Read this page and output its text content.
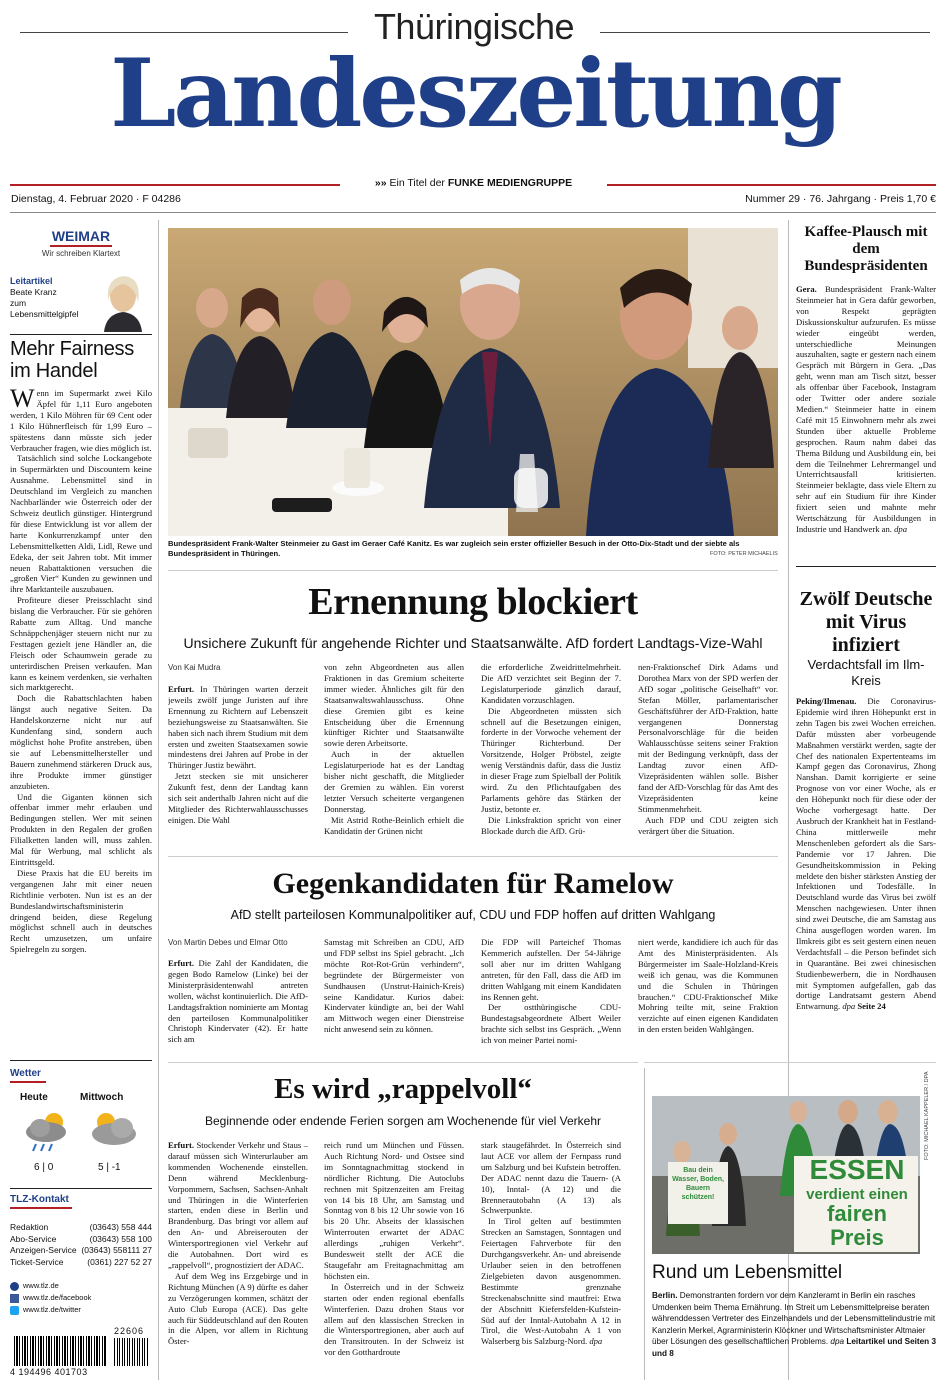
Thüringische
Landeszeitung
»» Ein Titel der FUNKE MEDIENGRUPPE
Dienstag, 4. Februar 2020 · F 04286	Nummer 29 · 76. Jahrgang · Preis 1,70 €
WEIMAR
Wir schreiben Klartext
Leitartikel
Beate Kranz
zum
Lebensmittelgipfel
Mehr Fairness im Handel

Wenn im Supermarkt zwei Kilo Äpfel für 1,11 Euro angeboten werden, 1 Kilo Möhren für 69 Cent oder 1 Kilo Hühnerfleisch für 1,99 Euro – spätestens dann müsste sich jeder Verbraucher fragen, wie dies möglich ist.

Tatsächlich sind solche Lockangebote in Supermärkten und Discountern keine Ausnahme. Lebensmittel sind in Deutschland im Vergleich zu manchen Nachbarländer wie Österreich oder der Schweiz deutlich günstiger. Hintergrund für diese Entwicklung ist vor allem der harte Konkurrenzkampf unter den Lebensmittelketten Aldi, Lidl, Rewe und Edeka, der seit Jahren tobt. Mit immer neuen Rabattaktionen versuchen die „großen Vier“ Kunden zu gewinnen und ihre Marktanteile auszubauen.

Profiteure dieser Preisschlacht sind bislang die Verbraucher. Für sie gehören Rabatte zum Alltag. Und manche Schnäppchenjäger steuern nicht nur zu Festtagen gezielt jene Händler an, die Fleisch oder Schaumwein gerade zu unterirdischen Preisen verkaufen. Man kann es keinem verdenken, sie verhalten sich marktgerecht.

Doch die Rabattschlachten haben längst auch negative Seiten. Da Handelskonzerne nicht nur auf Kundenfang sind, sondern auch möglichst hohe Profite anstreben, üben sie auf Lebensmittelhersteller und Bauern zunehmend stärkeren Druck aus, ihre Produkte immer günstiger anzubieten.

Und die Giganten können sich offenbar immer mehr erlauben und Bedingungen stellen. Wer mit seinen Produkten in den Regalen der großen Filialketten landen will, muss zahlen. Mal für Werbung, mal schlicht als Eintrittsgeld.

Diese Praxis hat die EU bereits im vergangenen Jahr mit einer neuen Richtlinie verboten. Nun ist es an der Bundeslandwirtschaftsministerin dringend beiden, diese Regelung möglichst schnell auch in deutsches Recht umzusetzen, um unfaire Spielregeln zu sorgen.

Wetter
Heute	Mittwoch
6 | 0	5 | -1
TLZ-Kontakt
Redaktion	(03643) 558 444
Abo-Service	(03643) 558 100
Anzeigen-Service (03643) 558111 27
Ticket-Service	(0361) 227 52 27
www.tlz.de
www.tlz.de/facebook
www.tlz.de/twitter
22606
4 194496 401703
Bundespräsident Frank-Walter Steinmeier zu Gast im Geraer Café Kanitz. Es war zugleich sein erster offizieller Besuch in der Otto-Dix-Stadt und der siebte als Bundespräsident in Thüringen.	FOTO: PETER MICHAELIS
Kaffee-Plausch mit dem Bundespräsidenten

Gera. Bundespräsident Frank-Walter Steinmeier hat in Gera dafür geworben, von Respekt geprägten Diskussionskultur aufzurufen. Es müsse wieder eingeübt werden, unterschiedliche Meinungen auszuhalten, sagte er gestern nach einem Gespräch mit Bürgern in Gera. „Das geht, wenn man am Tisch sitzt, besser als offenbar über Facebook, Instagram oder Twitter oder andere soziale Medien.“ Steinmeier hatte in einem Café mit 15 Einwohnern mehr als zwei Stunden über aktuelle Probleme gesprochen. Raum nahm dabei das Thema Bildung und Ausbildung ein, bei dem die Teilnehmer Lehrermangel und Unterrichtsausfall kritisierten. Steinmeier beklagte, dass viele Eltern zu sehr auf ein Studium für ihre Kinder fixiert seien und mahnte mehr Wertschätzung für Ausbildungen in Industrie und Handwerk an. dpa

Ernennung blockiert
Unsichere Zukunft für angehende Richter und Staatsanwälte. AfD fordert Landtags-Vize-Wahl
Von Kai Mudra

Erfurt. In Thüringen warten derzeit jeweils zwölf junge Juristen auf ihre Ernennung zu Richtern auf Lebenszeit beziehungsweise zu Staatsanwälten. Sie haben sich nach ihrem Studium mit dem ersten und zweiten Staatsexamen sowie mindestens drei Jahren auf Probe in der Thüringer Justiz bewährt.

Jetzt stecken sie mit unsicherer Zukunft fest, denn der Landtag kann sich seit anderthalb Jahren nicht auf die Mitglieder des Richterwahlausschusses einigen. Die Wahl

von zehn Abgeordneten aus allen Fraktionen in das Gremium scheiterte immer wieder. Ähnliches gilt für den Staatsanwaltswahlausschuss. Ohne diese Gremien gibt es keine Entscheidung über die Ernennung künftiger Richter und Staatsanwälte sowie deren Arbeitsorte.

Auch in der aktuellen Legislaturperiode hat es der Landtag bisher nicht geschafft, die Mitglieder der Gremien zu wählen. Ein vorerst letzter Versuch scheiterte vergangenen Donnerstag.

Mit Astrid Rothe-Beinlich erhielt die Kandidatin der Grünen nicht

die erforderliche Zweidrittelmehrheit. Die AfD verzichtet seit Beginn der 7. Legislaturperiode gänzlich darauf, Kandidaten vorzuschlagen.

Die Abgeordneten müssten sich schnell auf die Besetzungen einigen, forderte in der Vorwoche vehement der Thüringer Richterbund. Der Vorsitzende, Holger Pröbstel, zeigte wenig Verständnis dafür, dass die Justiz in dieser Frage zum Spielball der Politik wird. Zu den Pflichtaufgaben des Parlaments gehöre das Stärken der Justiz, betonte er.

Die Linksfraktion spricht von einer Blockade durch die AfD. Grü-

nen-Fraktionschef Dirk Adams und Dorothea Marx von der SPD werfen der AfD sogar „politische Geiselhaft“ vor. Stefan Möller, parlamentarischer Geschäftsführer der AfD-Fraktion, hatte vergangenen Donnerstag Personalvorschläge für die beiden Wahlausschüsse seitens seiner Fraktion mit der Bedingung verknüpft, dass der Landtag zuvor einen AfD-Vizepräsidenten wählen solle. Bisher fand der AfD-Vorschlag für das Amt des Vizepräsidenten keine Stimmenmehrheit.

Auch FDP und CDU zeigten sich verärgert über die Situation.

Gegenkandidaten für Ramelow
AfD stellt parteilosen Kommunalpolitiker auf, CDU und FDP hoffen auf dritten Wahlgang
Von Martin Debes und Elmar Otto

Erfurt. Die Zahl der Kandidaten, die gegen Bodo Ramelow (Linke) bei der Ministerpräsidentenwahl antreten wollen, wächst kontinuierlich. Die AfD-Landtagsfraktion nominierte am Montag den parteilosen Kommunalpolitiker Christoph Kindervater (42). Er hatte sich am

Samstag mit Schreiben an CDU, AfD und FDP selbst ins Spiel gebracht. „Ich möchte Rot-Rot-Grün verhindern“, begründete der Bürgermeister von Sundhausen (Unstrut-Hainich-Kreis) seine Kandidatur. Kurios dabei: Kindervater kündigte an, bei der Wahl am Mittwoch wegen einer Dienstreise nicht anwesend sein zu können.

Die FDP will Parteichef Thomas Kemmerich aufstellen. Der 54-Jährige soll aber nur im dritten Wahlgang antreten, für den Fall, dass die AfD im dritten Wahlgang mit einem Kandidaten ins Rennen geht.

Der ostthüringische CDU-Bundestagsabgeordnete Albert Weiler brachte sich selbst ins Gespräch. „Wenn ich von meiner Partei nomi-

niert werde, kandidiere ich auch für das Amt des Ministerpräsidenten. Als Bürgermeister im Saale-Holzland-Kreis weiß ich genau, was die Kommunen und die Schulen in Thüringen brauchen.“ CDU-Fraktionschef Mike Mohring teilte mit, seine Fraktion verzichte auf einen eigenen Kandidaten in den ersten beiden Wahlgängen.

Es wird „rappelvoll“
Beginnende oder endende Ferien sorgen am Wochenende für viel Verkehr

Erfurt. Stockender Verkehr und Staus – darauf müssen sich Winterurlauber am kommenden Wochenende einstellen. Denn während Mecklenburg-Vorpommern, Sachsen, Sachsen-Anhalt und Thüringen in die Winterferien starten, enden diese in Berlin und Brandenburg. Das bringt vor allem auf den An- und Abreiserouten der Wintersportregionen viel Verkehr auf die Autobahnen. Dort wird es „rappelvoll“, prognostiziert der ADAC.

Auf dem Weg ins Erzgebirge und in Richtung München (A 9) dürfte es daher zu Verzögerungen kommen, schätzt der Auto Club Europa (ACE). Das gelte auch für Süddeutschland auf den Routen in die Alpen, vor allem in Richtung Öster-

reich rund um München und Füssen. Auch Richtung Nord- und Ostsee sind im Sonntagnachmittag stockend in nördlicher Richtung. Die Autoclubs rechnen mit Spitzenzeiten am Freitag von 14 bis 18 Uhr, am Samstag und Sonntag von 8 bis 12 Uhr sowie von 16 bis 20 Uhr. Abseits der klassischen Winterrouten erwartet der ADAC allerdings „ruhigen Verkehr“. Bundesweit stellt der ACE die Staugefahr am Freitagnachmittag am höchsten ein.

In Österreich und in der Schweiz starten oder enden regional ebenfalls Winterferien. Dazu drohen Staus vor allem auf den klassischen Strecken in die Wintersportregionen, aber auch auf den Transitrouten. In der Schweiz ist vor den Gotthardroute

stark staugefährdet. In Österreich sind laut ACE vor allem der Fernpass rund um Salzburg und bei Kufstein betroffen. Der ADAC nennt dazu die Tauern- (A 10), Inntal- (A 12) und die Brennerautobahn (A 13) als Schwerpunkte.

In Tirol gelten auf bestimmten Strecken an Samstagen, Sonntagen und Feiertagen Fahrverbote für den Durchgangsverkehr. An- und abreisende Urlauber seien in den betroffenen Zielgebieten davon ausgenommen. Bestimmte grenznahe Streckenabschnitte sind mautfrei: Etwa der Abschnitt Kiefersfelden-Kufstein-Süd auf der Inntal-Autobahn A 12 in Tirol, die West-Autobahn A 1 von Walserberg bis Salzburg-Nord. dpa

Zwölf Deutsche mit Virus infiziert
Verdachtsfall im Ilm-Kreis

Peking/Ilmenau. Die Coronavirus-Epidemie wird ihren Höhepunkt erst in zehn Tagen bis zwei Wochen erreichen. Dafür müssten aber vorbeugende Maßnahmen verstärkt werden, sagte der Chef des nationalen Expertenteams im Kampf gegen das Coronavirus, Zhong Nanshan. Damit korrigierte er seine Prognose von vor einer Woche, als er den Höhepunkt noch für diese oder der Woche vorhergesagt hatte. Der Ausbruch der Krankheit hat in Festland-China mittlerweile mehr Menschenleben gefordert als die Sars-Pandemie vor 17 Jahren. Die Gesundheitskommission in Peking meldete den bisher stärksten Anstieg der Infektionen und Todesfälle. In Deutschland wurde das Virus bei zwölf Menschen nachgewiesen. Unter ihnen sind zwei Deutsche, die am Samstag aus China ausgeflogen worden waren. Im Ilmkreis gibt es seit gestern einen neuen Verdachtsfall – die Person befindet sich in Quarantäne. Bei zwei chinesischen Studienbewerbern, die in Nordhausen mit Symptomen aufgefallen, gab das dortige Landratsamt gestern Abend Entwarnung. dpa Seite 24

Bau dein Wasser, Boden, Bauern schützen!
ESSEN
verdient einen
fairen
Preis
FOTO: MICHAEL KAPPELER / DPA
Rund um Lebensmittel
Berlin. Demonstranten fordern vor dem Kanzleramt in Berlin ein rasches Umdenken beim Thema Ernährung. Im Streit um Lebensmittelpreise beraten währenddessen Vertreter des Einzelhandels und der Lebensmittelindustrie mit Kanzlerin Merkel, Agrarministerin Klöckner und Wirtschaftsminister Altmaier über Lösungen des gesellschaftlichen Problems. dpa Leitartikel und Seiten 3 und 8
